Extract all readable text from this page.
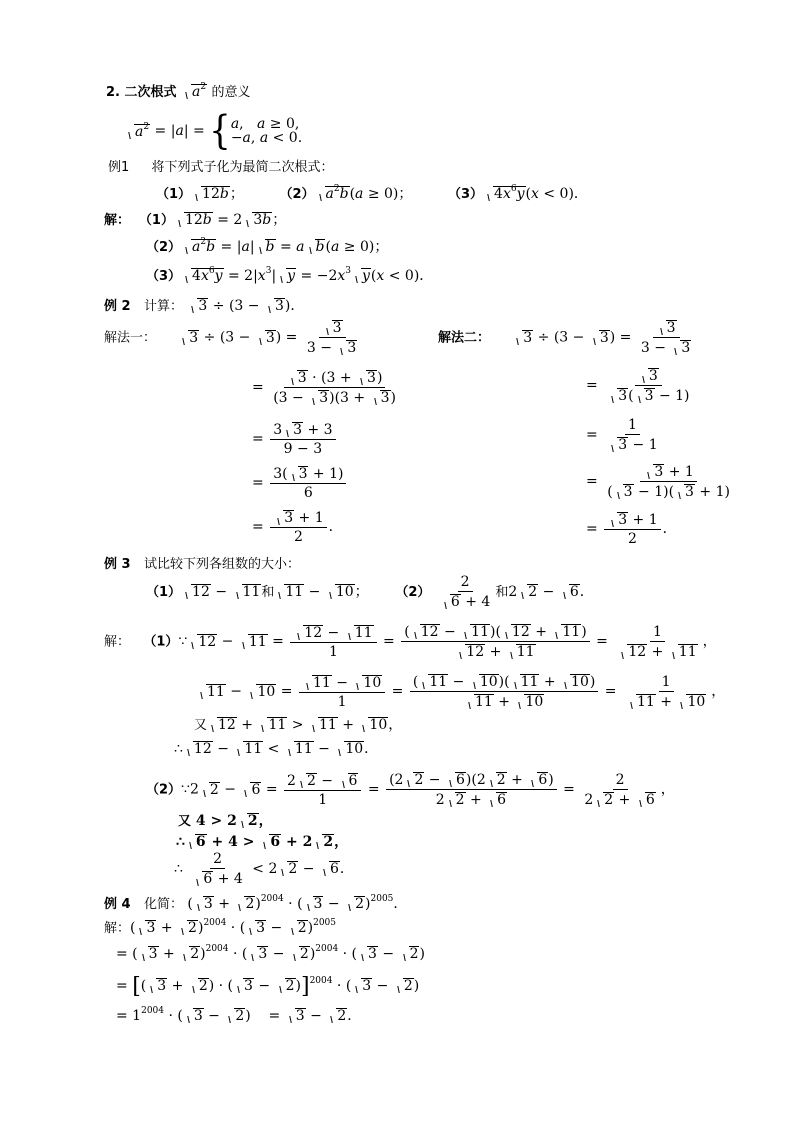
2. 二次根式 $a^2$ 的意义
$a^2 = |a|$ = { a,   a ≥ 0,
−a, a < 0.
例1 将下列式子化为最简二次根式：
（1） 12b；        （2） $a^2b(a \ge 0)$；        （3） $4x^6y(x < 0)$．
解： （1） 12b = 2 3b；
（2） $a^2b = |a|$ b = a b(a ≥ 0)；
（3） $4x^6y = 2|x^3|$ $y = -2x^3$ y(x < 0)．
例 2 计算： 3 ÷ (3 − 3)．
解法一： $3 \div (3 - 3) = \frac{3}{3 - 3}$
= $\frac{3 \cdot (3 + 3)}{(3 - 3)(3 + 3)}$
= $\frac{3 3 + 3}{9 - 3}$
= $\frac{3( 3 + 1)}{6}$
= $\frac{3 + 1}{2}$ ．
解法二： $3 \div (3 - 3) = \frac{3}{3 - 3}$
= $\frac{3}{3( 3 - 1)}$
= $\frac{1}{3 - 1}$
= $\frac{3 + 1}{( 3 - 1)( 3 + 1)}$
= $\frac{3 + 1}{2}$ ．
例 3 试比较下列各组数的大小：
（1） 12 − 11和 11 − 10；      $(2) \frac{2}{6 + 4}$ 和2 2 − 6．
解： （1）∵ $12 - 11 = \frac{12 - 11}{1} = \frac{( 12 - 11)( 12 + 11)}{12 + 11} = \frac{1}{12 + 11}$ ，
$11 - 10 = \frac{11 - 10}{1} = \frac{( 11 - 10)( 11 + 10)}{11 + 10} = \frac{1}{11 + 10}$ ，
又 12 + 11 > 11 + 10，
∴ 12 − 11 < 11 − 10．
（2）∵2 $2 - 6 = \frac{2 2 - 6}{1} = \frac{(2 2 - 6)(2 2 + 6)}{2 2 + 6} = \frac{2}{2 2 + 6}$ ，
又 4 > 2 2，
∴ 6 + 4 > 6 + 2 2，
∴ $\frac{2}{6 + 4} < 2$ 2 − 6．
例 4 化简： ( 3 + 2)$^{2004}$ · ( 3 − 2)$^{2005}$．
解：( 3 + 2)$^{2004}$ · ( 3 − 2)$^{2005}$
= ( 3 + 2)$^{2004}$ · ( 3 − 2)$^{2004}$ · ( 3 − 2)
= [( 3 + 2) · ( 3 − 2)]$^{2004}$ · ( 3 − 2)
= $1^{2004}$ · ( 3 − 2)    = 3 − 2．
